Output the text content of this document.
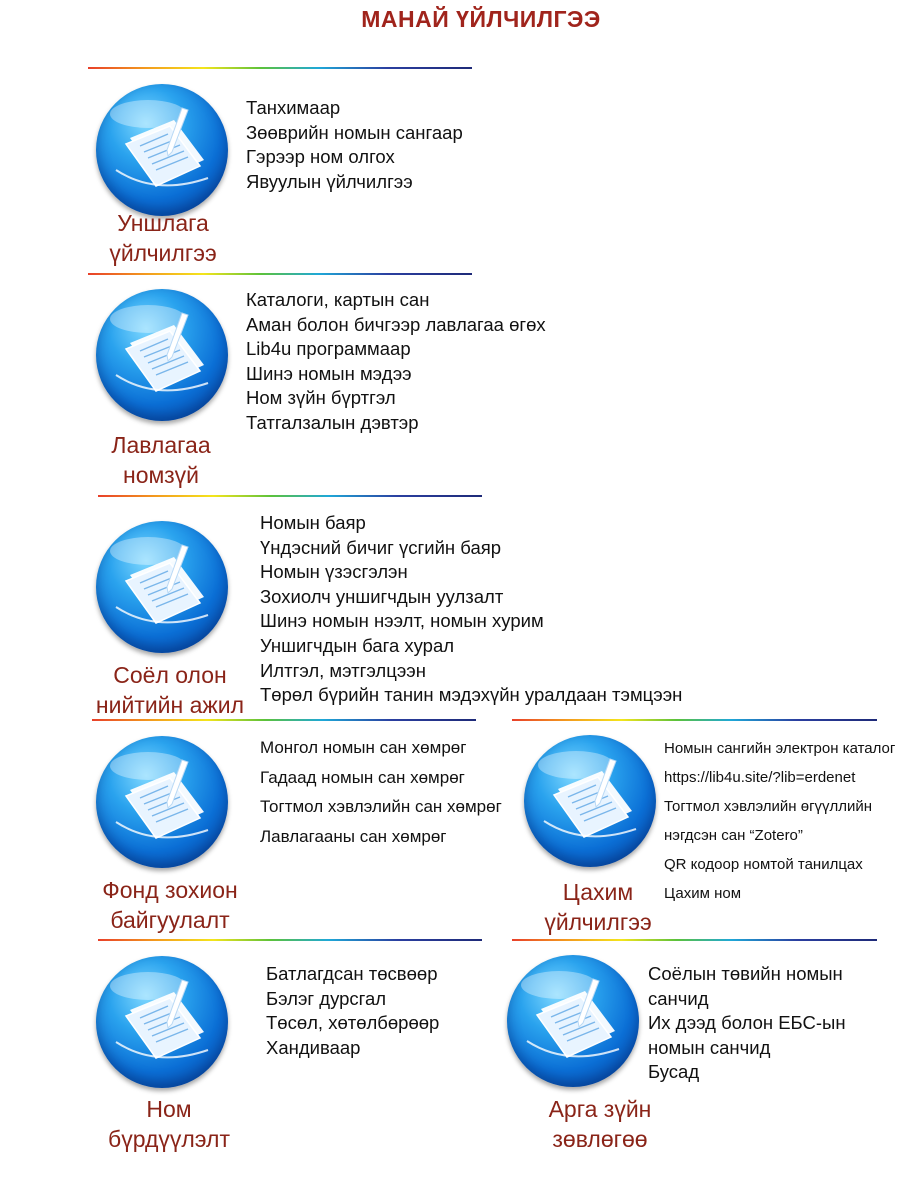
МАНАЙ ҮЙЛЧИЛГЭЭ
Уншлага
үйлчилгээ
Танхимаар
Зөөврийн номын сангаар
Гэрээр ном олгох
Явуулын үйлчилгээ
Лавлагаа
номзүй
Каталоги, картын сан
Аман болон бичгээр лавлагаа өгөх
Lib4u программаар
Шинэ номын мэдээ
Ном зүйн бүртгэл
Татгалзалын дэвтэр
Соёл олон
нийтийн ажил
Номын баяр
Үндэсний бичиг үсгийн баяр
Номын үзэсгэлэн
Зохиолч уншигчдын уулзалт
Шинэ номын нээлт, номын хурим
Уншигчдын бага хурал
Илтгэл, мэтгэлцээн
Төрөл бүрийн танин мэдэхүйн уралдаан тэмцээн
Фонд зохион
байгуулалт
Монгол номын сан хөмрөг
Гадаад номын сан хөмрөг
Тогтмол хэвлэлийн сан хөмрөг
Лавлагааны сан хөмрөг
Цахим
үйлчилгээ
Номын сангийн электрон каталог
https://lib4u.site/?lib=erdenet
Тогтмол хэвлэлийн өгүүллийн
нэгдсэн сан “Zotero”
QR кодоор номтой танилцах
Цахим ном
Ном
бүрдүүлэлт
Батлагдсан төсвөөр
Бэлэг дурсгал
Төсөл, хөтөлбөрөөр
Хандиваар
Арга зүйн
зөвлөгөө
Соёлын төвийн номын
санчид
Их дээд болон ЕБС-ын
номын санчид
Бусад
